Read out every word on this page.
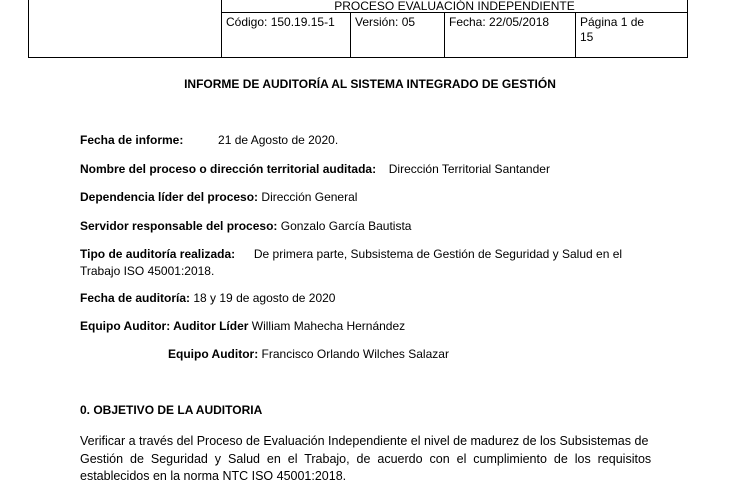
PROCESO EVALUACIÓN INDEPENDIENTE
Código: 150.19.15-1	Versión: 05	Fecha: 22/05/2018	Página 1 de
15
INFORME DE AUDITORÍA AL SISTEMA INTEGRADO DE GESTIÓN
Fecha de informe:	21 de Agosto de 2020.
Nombre del proceso o dirección territorial auditada: Dirección Territorial Santander
Dependencia líder del proceso: Dirección General
Servidor responsable del proceso: Gonzalo García Bautista
Tipo de auditoría realizada: De primera parte, Subsistema de Gestión de Seguridad y Salud en el
Trabajo ISO 45001:2018.
Fecha de auditoría: 18 y 19 de agosto de 2020
Equipo Auditor: Auditor Líder William Mahecha Hernández
Equipo Auditor: Francisco Orlando Wilches Salazar
0. OBJETIVO DE LA AUDITORIA
Verificar a través del Proceso de Evaluación Independiente el nivel de madurez de los Subsistemas de
Gestión  de  Seguridad  y  Salud  en  el  Trabajo,  de  acuerdo  con  el  cumplimiento  de  los  requisitos
establecidos en la norma NTC ISO 45001:2018.
